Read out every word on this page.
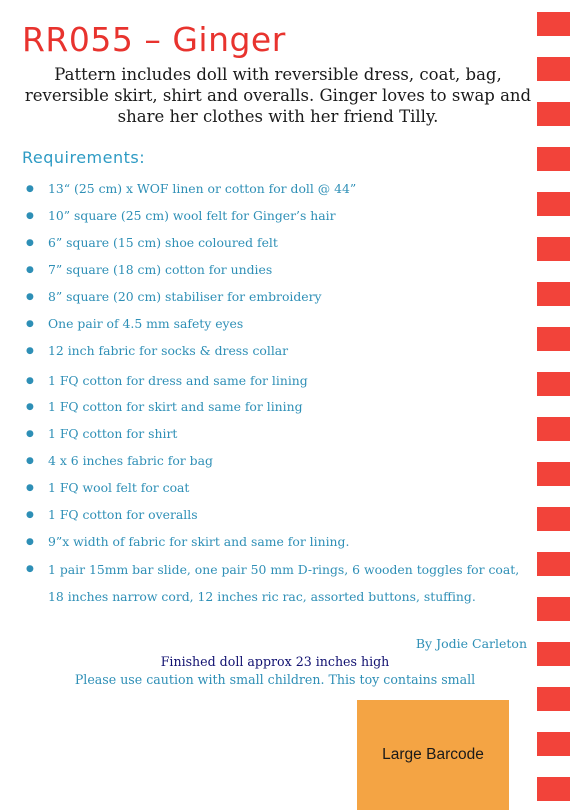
RR055 – Ginger
Pattern includes doll with reversible dress, coat, bag, reversible skirt, shirt and overalls. Ginger loves to swap and share her clothes with her friend Tilly.
Requirements:
● 13“ (25 cm) x WOF linen or cotton for doll @ 44”
● 10” square (25 cm) wool felt for Ginger’s hair
● 6” square (15 cm) shoe coloured felt
● 7” square (18 cm) cotton for undies
● 8” square (20 cm) stabiliser for embroidery
● One pair of 4.5 mm safety eyes
● 12 inch fabric for socks & dress collar
● 1 FQ cotton for dress and same for lining
● 1 FQ cotton for skirt and same for lining
● 1 FQ cotton for shirt
● 4 x 6 inches fabric for bag
● 1 FQ wool felt for coat
● 1 FQ cotton for overalls
● 9”x width of fabric for skirt and same for lining.
● 1 pair 15mm bar slide, one pair 50 mm D-rings, 6 wooden toggles for coat, 18 inches narrow cord, 12 inches ric rac, assorted buttons, stuffing.
By Jodie Carleton
Finished doll approx 23 inches high
Please use caution with small children. This toy contains small
Large Barcode
